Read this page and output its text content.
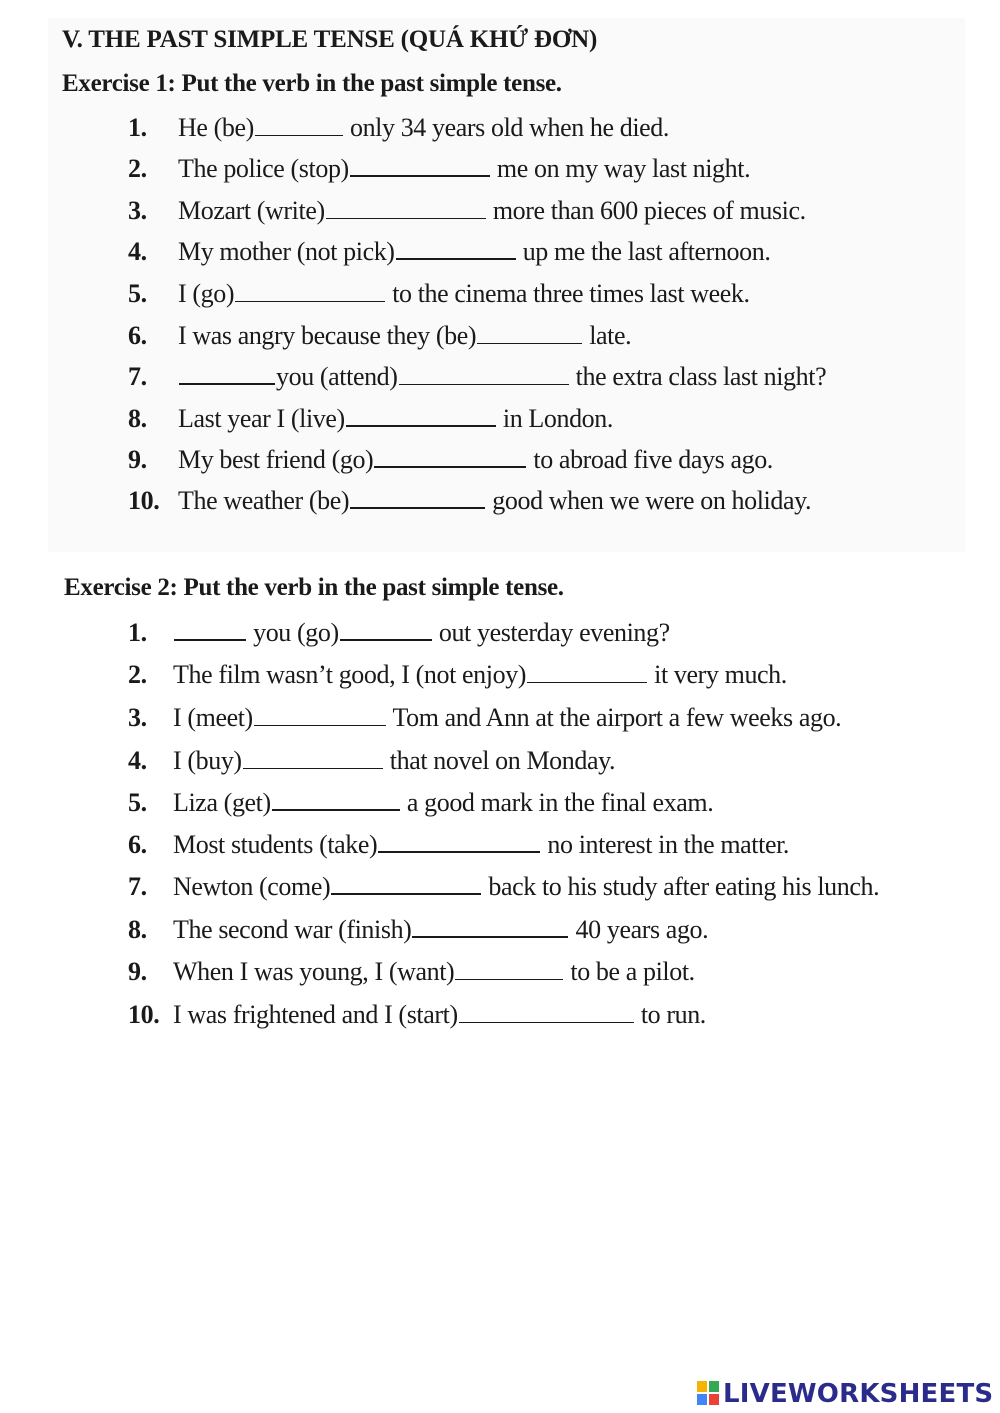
V. THE PAST SIMPLE TENSE (QUÁ KHỨ ĐƠN)
Exercise 1: Put the verb in the past simple tense.
1. He (be)	only 34 years old when he died.
2. The police (stop)	me on my way last night.
3. Mozart (write)	more than 600 pieces of music.
4. My mother (not pick)	up me the last afternoon.
5. I (go)	to the cinema three times last week.
6. I was angry because they (be)	late.
7.	you (attend)	the extra class last night?
8. Last year I (live)	in London.
9. My best friend (go)	to abroad five days ago.
10. The weather (be)	good when we were on holiday.
Exercise 2: Put the verb in the past simple tense.
1.	you (go)	out yesterday evening?
2. The film wasn’t good, I (not enjoy)	it very much.
3. I (meet)	Tom and Ann at the airport a few weeks ago.
4. I (buy)	that novel on Monday.
5. Liza (get)	a good mark in the final exam.
6. Most students (take)	no interest in the matter.
7. Newton (come)	back to his study after eating his lunch.
8. The second war (finish)	40 years ago.
9. When I was young, I (want)	to be a pilot.
10. I was frightened and I (start)	to run.
LIVEWORKSHEETS
